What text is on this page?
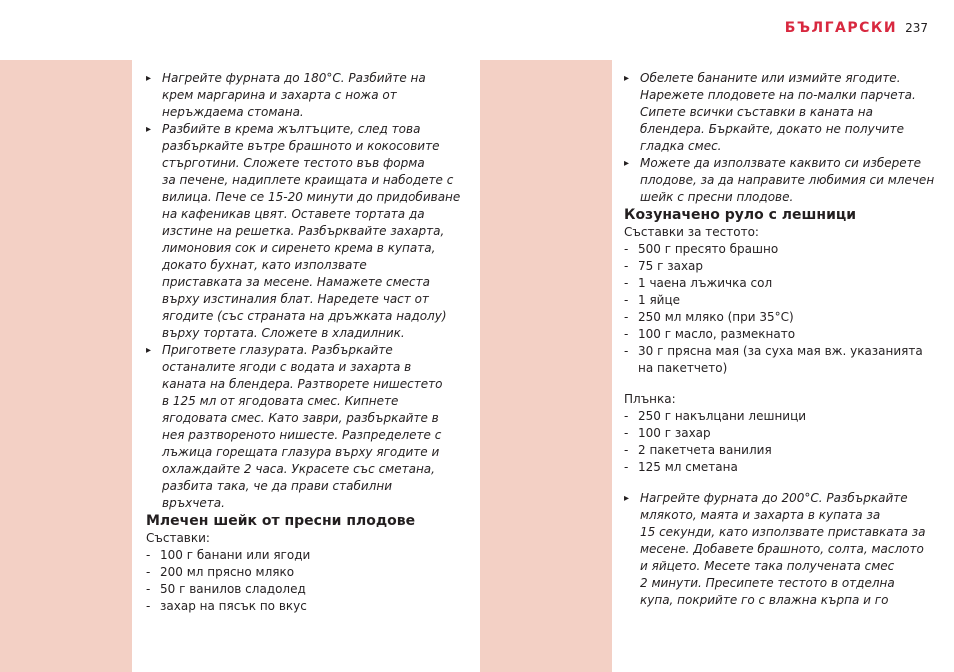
БЪЛГАРСКИ 237
▸ Нагрейте фурната до 180°C. Разбийте на
крем маргарина и захарта с ножа от
неръждаема стомана.
▸ Разбийте в крема жълтъците, след това
разбъркайте вътре брашното и кокосовите
стърготини. Сложете тестото във форма
за печене, надиплете краищата и набодете с
вилица. Пече се 15-20 минути до придобиване
на кафеникав цвят. Оставете тортата да
изстине на решетка. Разбърквайте захарта,
лимоновия сок и сиренето крема в купата,
докато бухнат, като използвате
приставката за месене. Намажете сместа
върху изстиналия блат. Наредете част от
ягодите (със страната на дръжката надолу)
върху тортата. Сложете в хладилник.
▸ Пригответе глазурата. Разбъркайте
останалите ягоди с водата и захарта в
каната на блендера. Разтворете нишестето
в 125 мл от ягодовата смес. Кипнете
ягодовата смес. Като заври, разбъркайте в
нея разтвореното нишесте. Разпределете с
лъжица горещата глазура върху ягодите и
охлаждайте 2 часа. Украсете със сметана,
разбита така, че да прави стабилни
връхчета.
Млечен шейк от пресни плодове
Съставки:
- 100 г банани или ягоди
- 200 мл прясно мляко
- 50 г ванилов сладолед
- захар на пясък по вкус
▸ Обелете бананите или измийте ягодите.
Нарежете плодовете на по-малки парчета.
Сипете всички съставки в каната на
блендера. Бъркайте, докато не получите
гладка смес.
▸ Можете да използвате каквито си изберете
плодове, за да направите любимия си млечен
шейк с пресни плодове.
Козуначено руло с лешници
Съставки за тестото:
- 500 г пресято брашно
- 75 г захар
- 1 чаена лъжичка сол
- 1 яйце
- 250 мл мляко (при 35°C)
- 100 г масло, размекнато
- 30 г прясна мая (за суха мая вж. указанията
на пакетчето)
Плънка:
- 250 г накълцани лешници
- 100 г захар
- 2 пакетчета ванилия
- 125 мл сметана
▸ Нагрейте фурната до 200°C. Разбъркайте
млякото, маята и захарта в купата за
15 секунди, като използвате приставката за
месене. Добавете брашното, солта, маслото
и яйцето. Месете така получената смес
2 минути. Пресипете тестото в отделна
купа, покрийте го с влажна кърпа и го
